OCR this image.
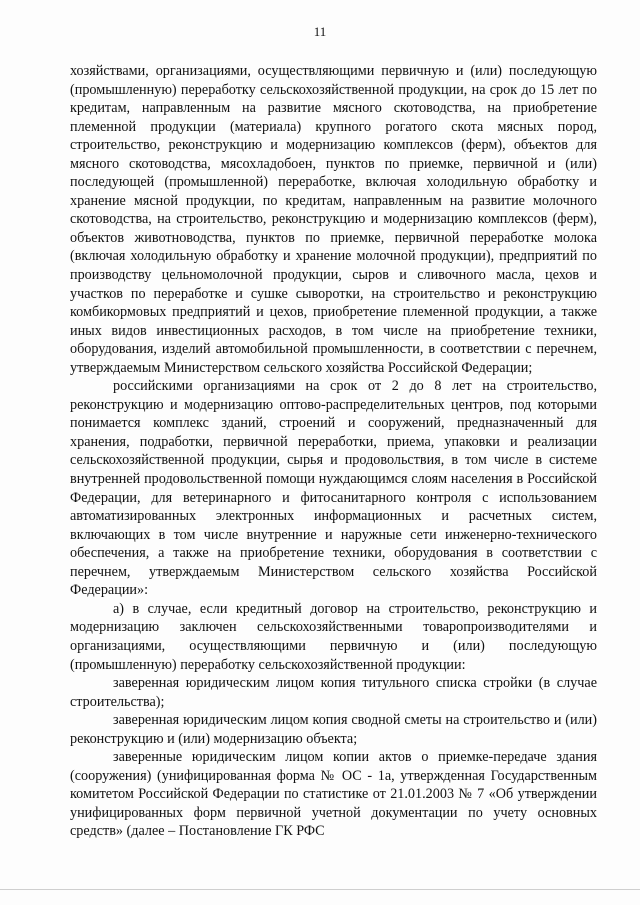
11

хозяйствами, организациями, осуществляющими первичную и (или) последующую (промышленную) переработку сельскохозяйственной продукции, на срок до 15 лет по кредитам, направленным на развитие мясного скотоводства, на приобретение племенной продукции (материала) крупного рогатого скота мясных пород, строительство, реконструкцию и модернизацию комплексов (ферм), объектов для мясного скотоводства, мясохладобоен, пунктов по приемке, первичной и (или) последующей (промышленной) переработке, включая холодильную обработку и хранение мясной продукции, по кредитам, направленным на развитие молочного скотоводства, на строительство, реконструкцию и модернизацию комплексов (ферм), объектов животноводства, пунктов по приемке, первичной переработке молока (включая холодильную обработку и хранение молочной продукции), предприятий по производству цельномолочной продукции, сыров и сливочного масла, цехов и участков по переработке и сушке сыворотки, на строительство и реконструкцию комбикормовых предприятий и цехов, приобретение племенной продукции, а также иных видов инвестиционных расходов, в том числе на приобретение техники, оборудования, изделий автомобильной промышленности, в соответствии с перечнем, утверждаемым Министерством сельского хозяйства Российской Федерации;

российскими организациями на срок от 2 до 8 лет на строительство, реконструкцию и модернизацию оптово-распределительных центров, под которыми понимается комплекс зданий, строений и сооружений, предназначенный для хранения, подработки, первичной переработки, приема, упаковки и реализации сельскохозяйственной продукции, сырья и продовольствия, в том числе в системе внутренней продовольственной помощи нуждающимся слоям населения в Российской Федерации, для ветеринарного и фитосанитарного контроля с использованием автоматизированных электронных информационных и расчетных систем, включающих в том числе внутренние и наружные сети инженерно-технического обеспечения, а также на приобретение техники, оборудования в соответствии с перечнем, утверждаемым Министерством сельского хозяйства Российской Федерации»:

а) в случае, если кредитный договор на строительство, реконструкцию и модернизацию заключен сельскохозяйственными товаропроизводителями и организациями, осуществляющими первичную и (или) последующую (промышленную) переработку сельскохозяйственной продукции:

заверенная юридическим лицом копия титульного списка стройки (в случае строительства);

заверенная юридическим лицом копия сводной сметы на строительство и (или) реконструкцию и (или) модернизацию объекта;

заверенные юридическим лицом копии актов о приемке-передаче здания (сооружения) (унифицированная форма № ОС - 1а, утвержденная Государственным комитетом Российской Федерации по статистике от 21.01.2003 № 7 «Об утверждении унифицированных форм первичной учетной документации по учету основных средств» (далее – Постановление ГК РФС
